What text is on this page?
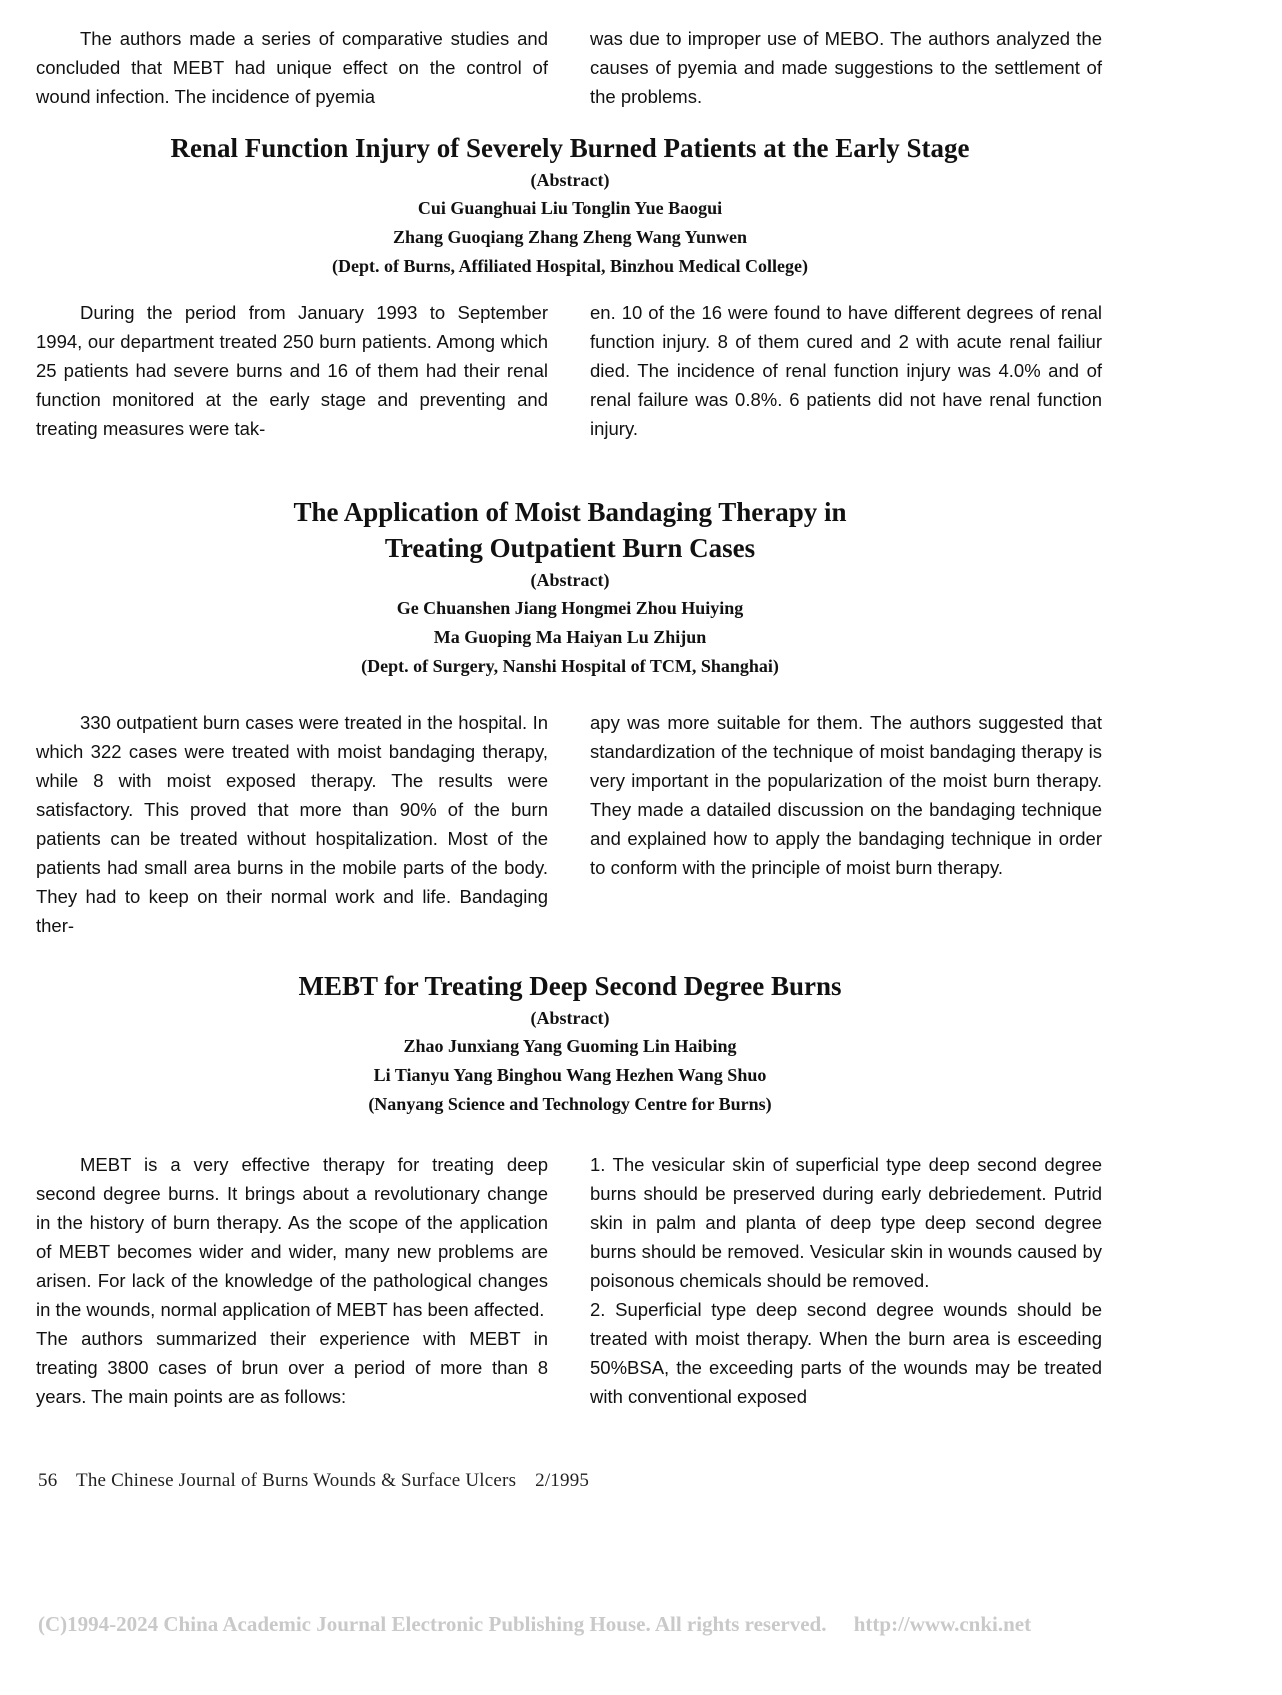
The authors made a series of comparative studies and concluded that MEBT had unique effect on the control of wound infection. The incidence of pyemia

was due to improper use of MEBO. The authors analyzed the causes of pyemia and made suggestions to the settlement of the problems.

Renal Function Injury of Severely Burned Patients at the Early Stage
(Abstract)
Cui Guanghuai Liu Tonglin Yue Baogui
Zhang Guoqiang Zhang Zheng Wang Yunwen
(Dept. of Burns, Affiliated Hospital, Binzhou Medical College)

During the period from January 1993 to September 1994, our department treated 250 burn patients. Among which 25 patients had severe burns and 16 of them had their renal function monitored at the early stage and preventing and treating measures were tak-

en. 10 of the 16 were found to have different degrees of renal function injury. 8 of them cured and 2 with acute renal failiur died. The incidence of renal function injury was 4.0% and of renal failure was 0.8%. 6 patients did not have renal function injury.

The Application of Moist Bandaging Therapy in
Treating Outpatient Burn Cases
(Abstract)
Ge Chuanshen Jiang Hongmei Zhou Huiying
Ma Guoping Ma Haiyan Lu Zhijun
(Dept. of Surgery, Nanshi Hospital of TCM, Shanghai)

330 outpatient burn cases were treated in the hospital. In which 322 cases were treated with moist bandaging therapy, while 8 with moist exposed therapy. The results were satisfactory. This proved that more than 90% of the burn patients can be treated without hospitalization. Most of the patients had small area burns in the mobile parts of the body. They had to keep on their normal work and life. Bandaging ther-

apy was more suitable for them. The authors suggested that standardization of the technique of moist bandaging therapy is very important in the popularization of the moist burn therapy. They made a datailed discussion on the bandaging technique and explained how to apply the bandaging technique in order to conform with the principle of moist burn therapy.

MEBT for Treating Deep Second Degree Burns
(Abstract)
Zhao Junxiang Yang Guoming Lin Haibing
Li Tianyu Yang Binghou Wang Hezhen Wang Shuo
(Nanyang Science and Technology Centre for Burns)

MEBT is a very effective therapy for treating deep second degree burns. It brings about a revolutionary change in the history of burn therapy. As the scope of the application of MEBT becomes wider and wider, many new problems are arisen. For lack of the knowledge of the pathological changes in the wounds, normal application of MEBT has been affected.

The authors summarized their experience with MEBT in treating 3800 cases of brun over a period of more than 8 years. The main points are as follows:

1. The vesicular skin of superficial type deep second degree burns should be preserved during early debriedement. Putrid skin in palm and planta of deep type deep second degree burns should be removed. Vesicular skin in wounds caused by poisonous chemicals should be removed.

2. Superficial type deep second degree wounds should be treated with moist therapy. When the burn area is esceeding 50%BSA, the exceeding parts of the wounds may be treated with conventional exposed

56 The Chinese Journal of Burns Wounds & Surface Ulcers 2/1995
(C)1994-2024 China Academic Journal Electronic Publishing House. All rights reserved. http://www.cnki.net
